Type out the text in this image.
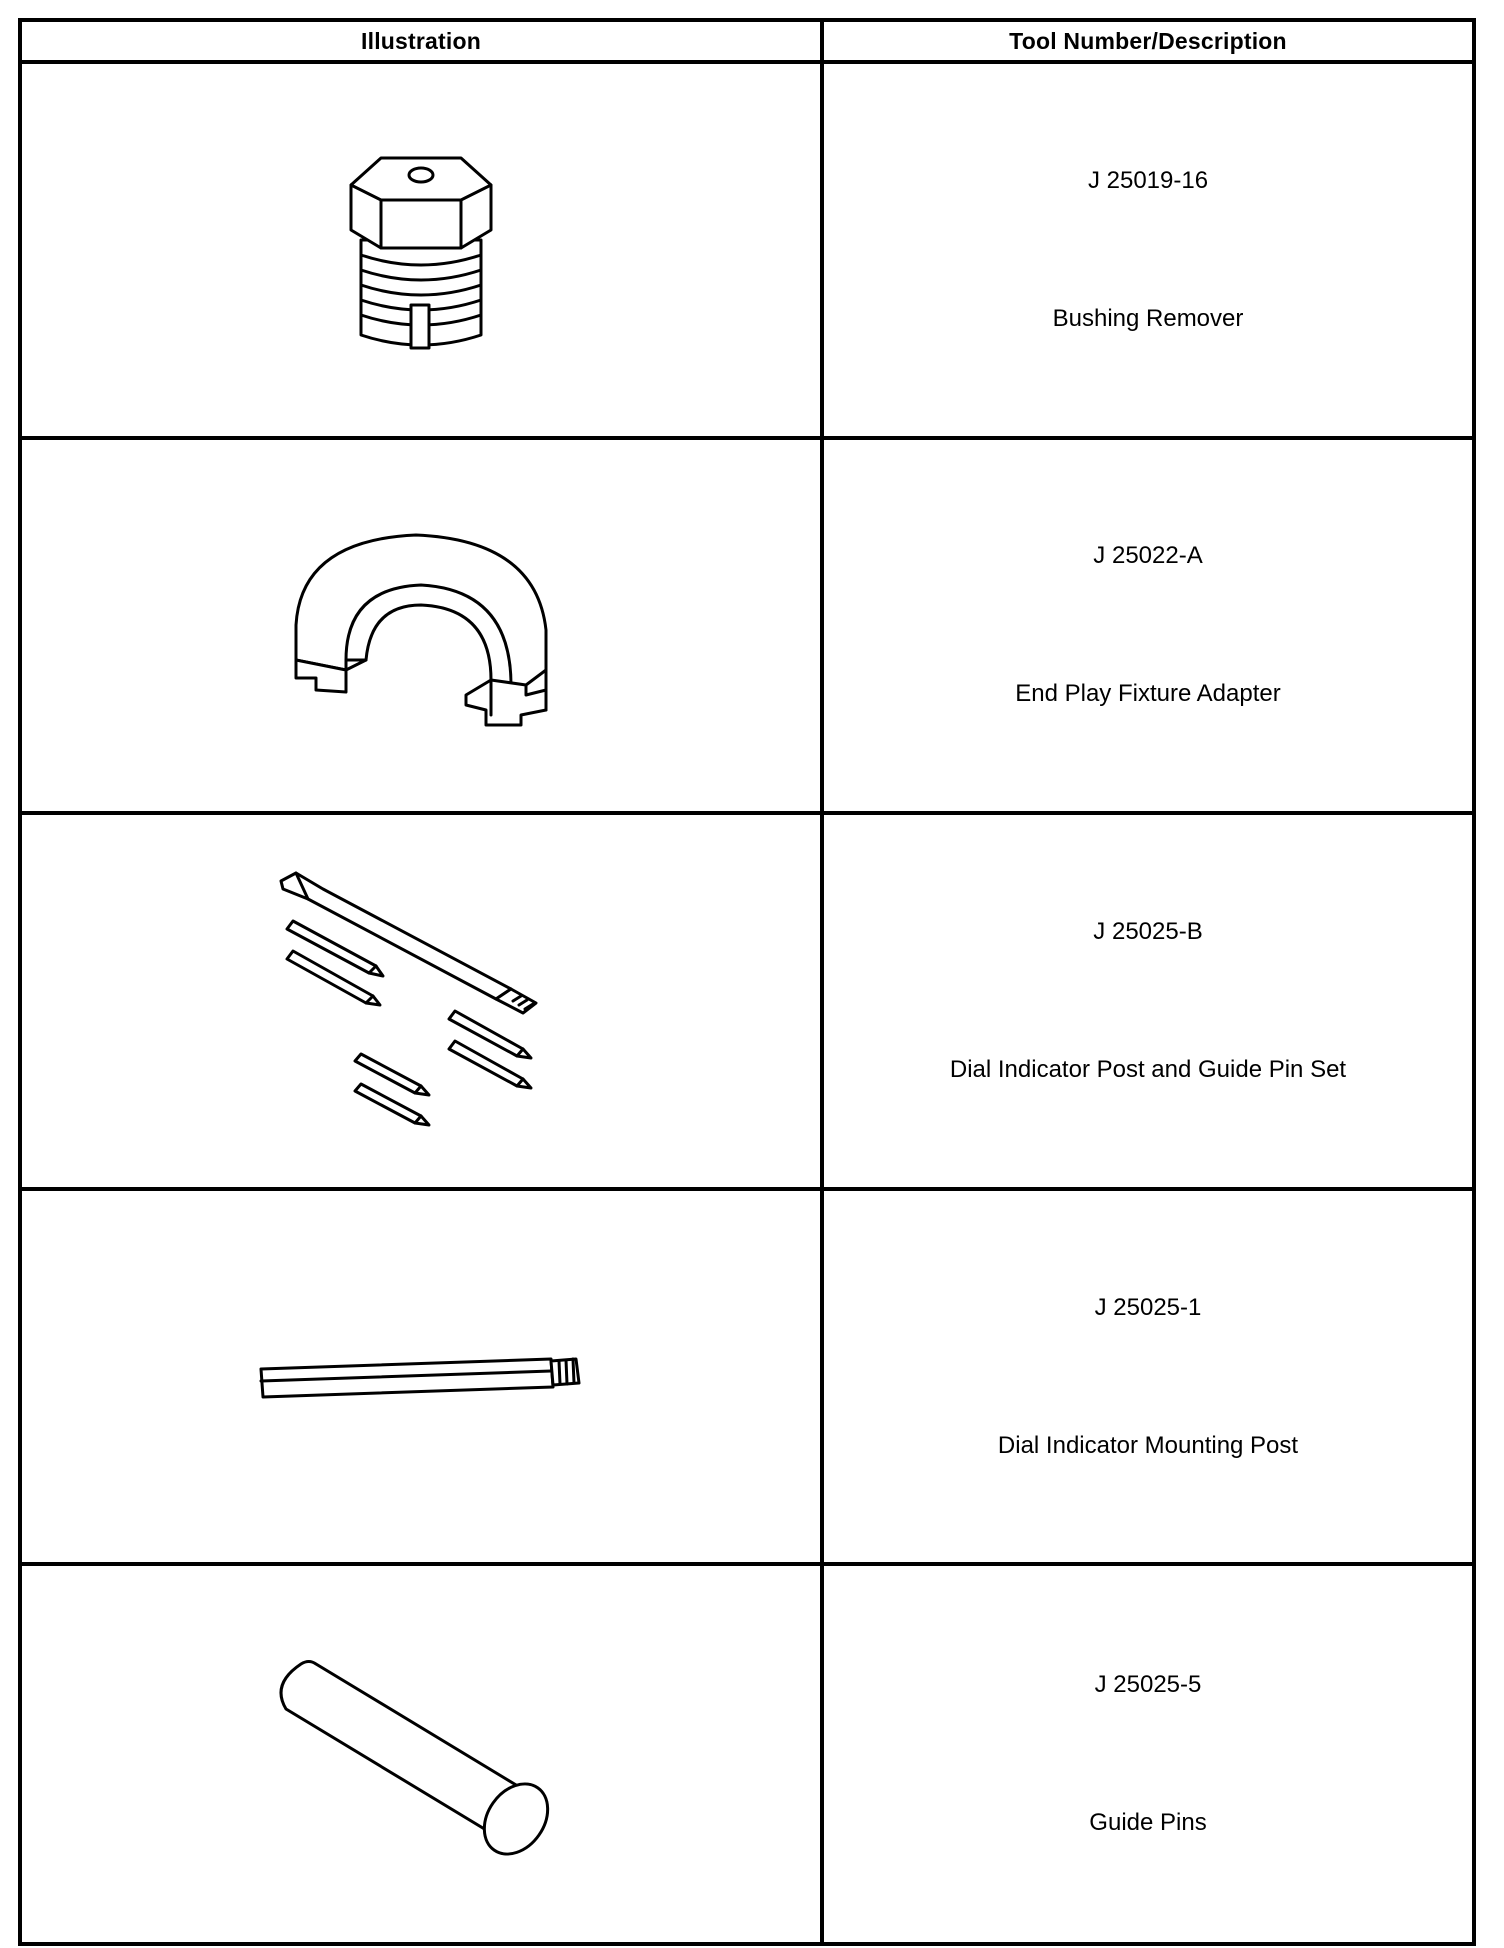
Illustration	Tool Number/Description
J 25019-16
Bushing Remover
J 25022-A
End Play Fixture Adapter
J 25025-B
Dial Indicator Post and Guide Pin Set
J 25025-1
Dial Indicator Mounting Post
J 25025-5
Guide Pins
